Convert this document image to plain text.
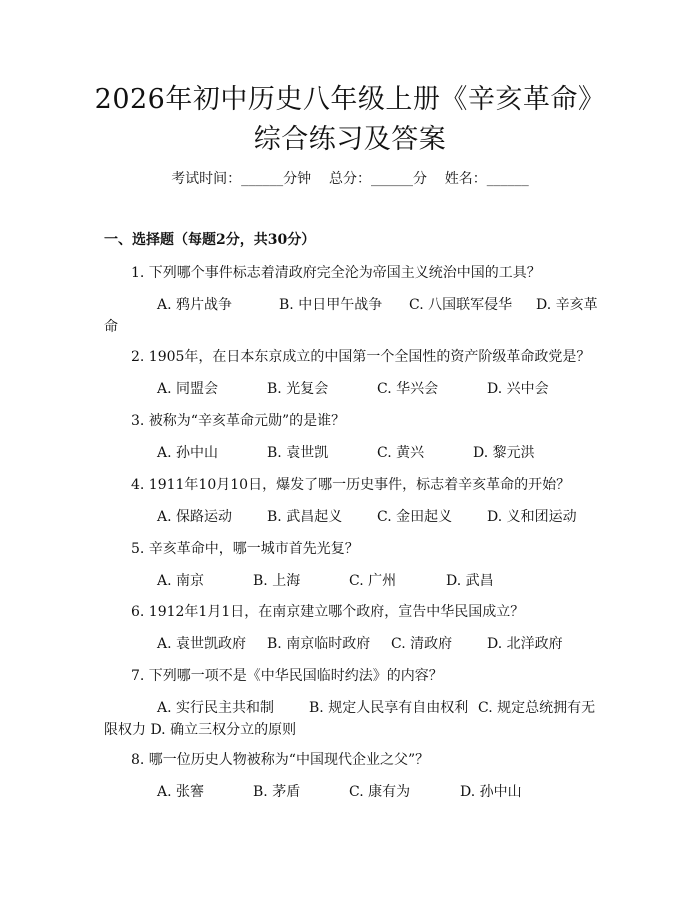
2026年初中历史八年级上册《辛亥革命》综合练习及答案
考试时间：______分钟    总分：______分    姓名：______
一、选择题（每题2分，共30分）
1. 下列哪个事件标志着清政府完全沦为帝国主义统治中国的工具？
A. 鸦片战争	B. 中日甲午战争 C. 八国联军侵华 D. 辛亥革
命
2. 1905年，在日本东京成立的中国第一个全国性的资产阶级革命政党是？
A. 同盟会	B. 光复会	C. 华兴会	D. 兴中会
3. 被称为“辛亥革命元勋”的是谁？
A. 孙中山	B. 袁世凯	C. 黄兴	D. 黎元洪
4. 1911年10月10日，爆发了哪一历史事件，标志着辛亥革命的开始？
A. 保路运动 B. 武昌起义 C. 金田起义 D. 义和团运动
5. 辛亥革命中，哪一城市首先光复？
A. 南京	B. 上海	C. 广州	D. 武昌
6. 1912年1月1日，在南京建立哪个政府，宣告中华民国成立？
A. 袁世凯政府 B. 南京临时政府 C. 清政府 D. 北洋政府
7. 下列哪一项不是《中华民国临时约法》的内容？
A. 实行民主共和制 B. 规定人民享有自由权利 C. 规定总统拥有无
限权力 D. 确立三权分立的原则
8. 哪一位历史人物被称为“中国现代企业之父”？
A. 张謇	B. 茅盾	C. 康有为	D. 孙中山
